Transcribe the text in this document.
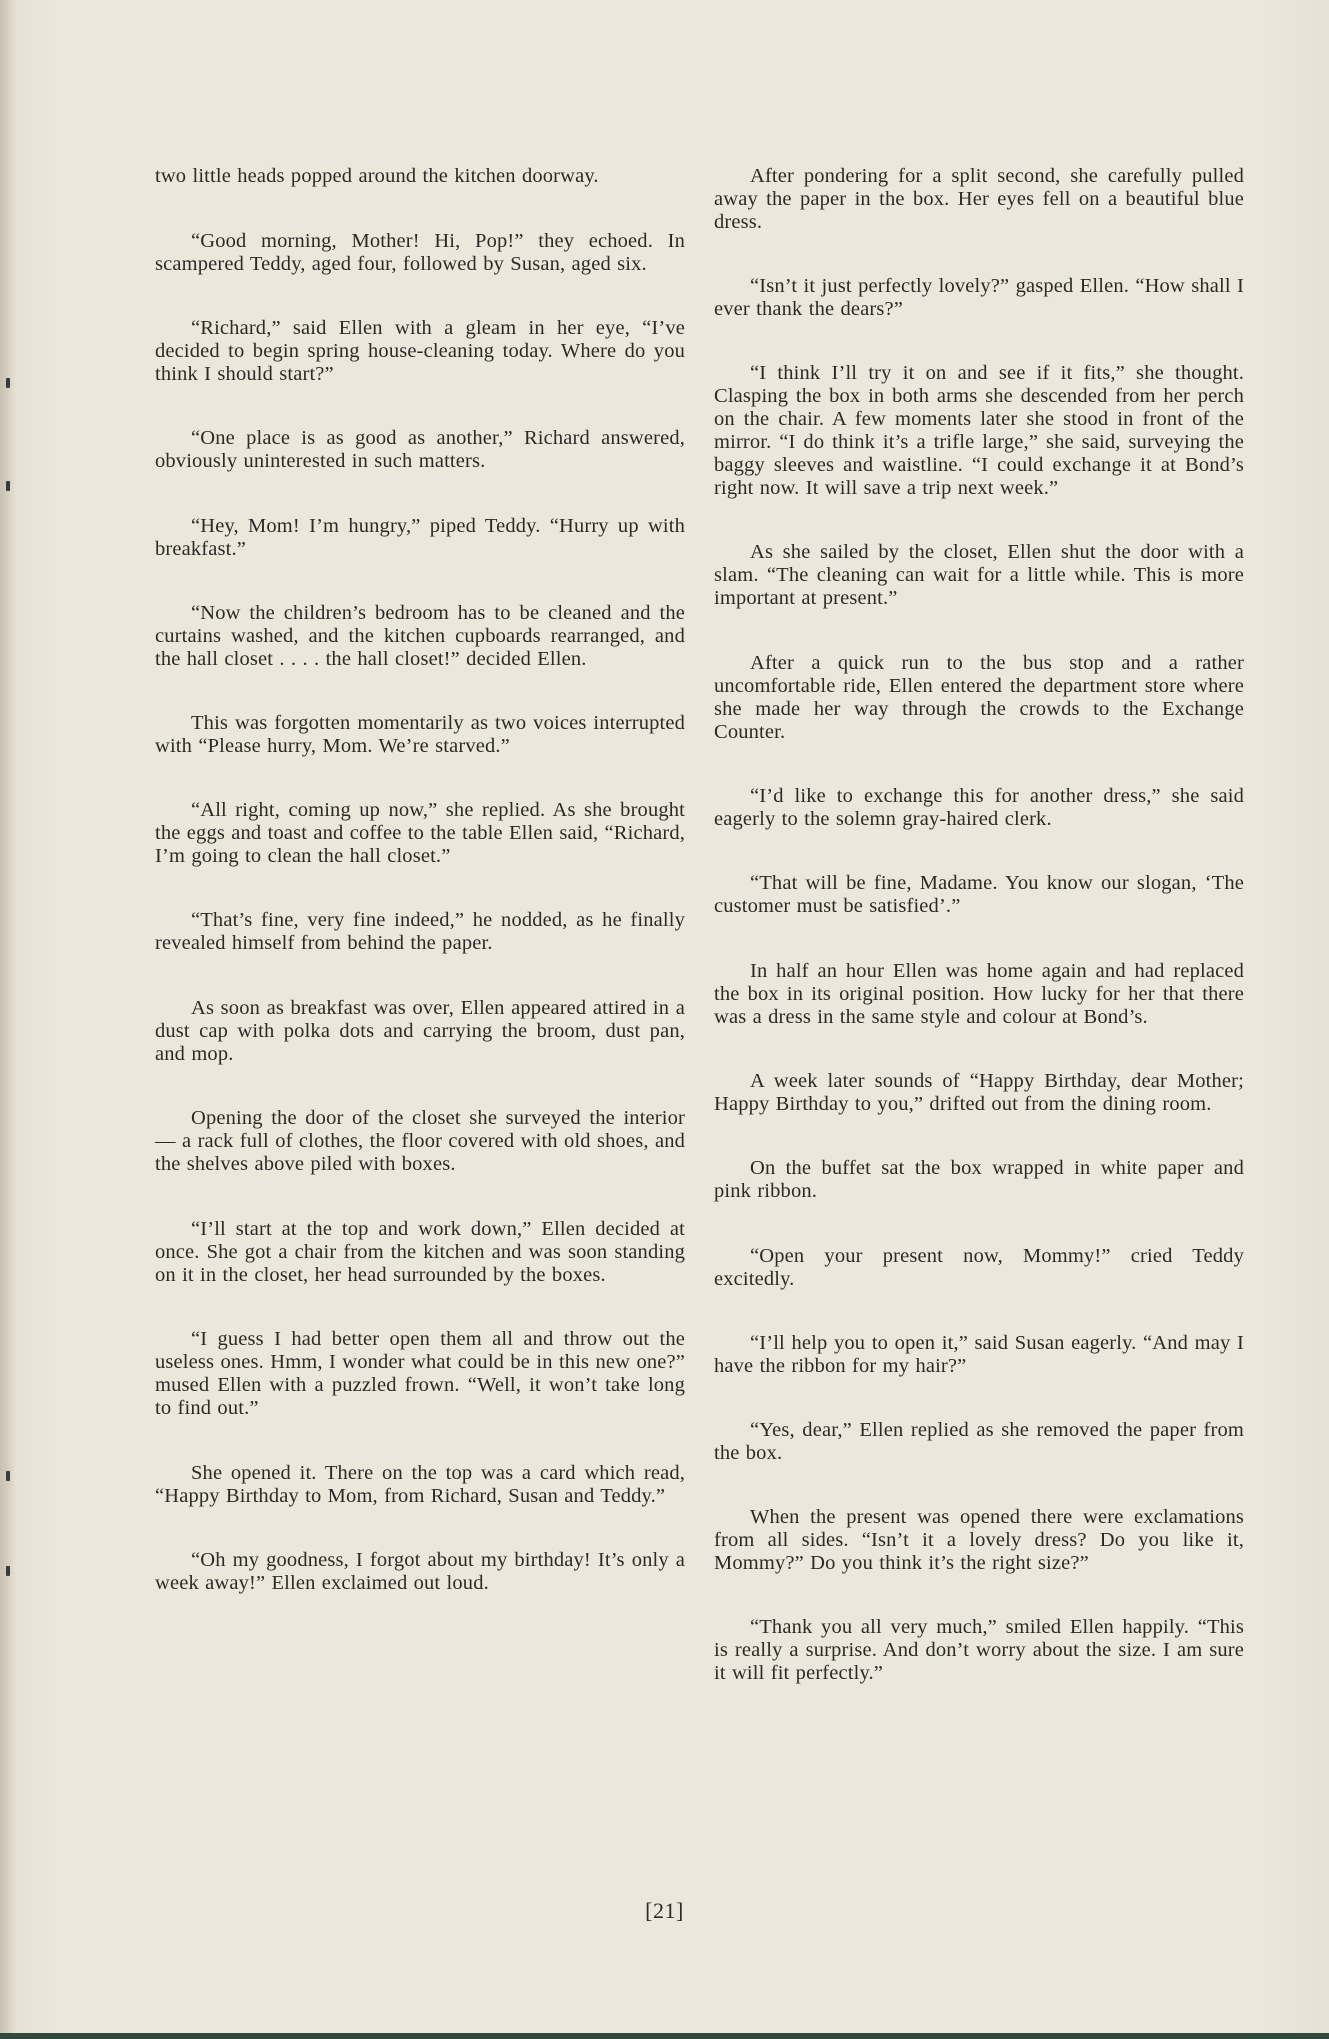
two little heads popped around the kitchen doorway.

“Good morning, Mother! Hi, Pop!” they echoed. In scampered Teddy, aged four, followed by Susan, aged six.

“Richard,” said Ellen with a gleam in her eye, “I’ve decided to begin spring house-cleaning today. Where do you think I should start?”

“One place is as good as another,” Richard answered, obviously uninterested in such matters.

“Hey, Mom! I’m hungry,” piped Teddy. “Hurry up with breakfast.”

“Now the children’s bedroom has to be cleaned and the curtains washed, and the kitchen cupboards rearranged, and the hall closet . . . . the hall closet!” decided Ellen.

This was forgotten momentarily as two voices interrupted with “Please hurry, Mom. We’re starved.”

“All right, coming up now,” she replied. As she brought the eggs and toast and coffee to the table Ellen said, “Richard, I’m going to clean the hall closet.”

“That’s fine, very fine indeed,” he nodded, as he finally revealed himself from behind the paper.

As soon as breakfast was over, Ellen appeared attired in a dust cap with polka dots and carrying the broom, dust pan, and mop.

Opening the door of the closet she surveyed the interior — a rack full of clothes, the floor covered with old shoes, and the shelves above piled with boxes.

“I’ll start at the top and work down,” Ellen decided at once. She got a chair from the kitchen and was soon standing on it in the closet, her head surrounded by the boxes.

“I guess I had better open them all and throw out the useless ones. Hmm, I wonder what could be in this new one?” mused Ellen with a puzzled frown. “Well, it won’t take long to find out.”

She opened it. There on the top was a card which read, “Happy Birthday to Mom, from Richard, Susan and Teddy.”

“Oh my goodness, I forgot about my birthday! It’s only a week away!” Ellen exclaimed out loud.

After pondering for a split second, she carefully pulled away the paper in the box. Her eyes fell on a beautiful blue dress.

“Isn’t it just perfectly lovely?” gasped Ellen. “How shall I ever thank the dears?”

“I think I’ll try it on and see if it fits,” she thought. Clasping the box in both arms she descended from her perch on the chair. A few moments later she stood in front of the mirror. “I do think it’s a trifle large,” she said, surveying the baggy sleeves and waistline. “I could exchange it at Bond’s right now. It will save a trip next week.”

As she sailed by the closet, Ellen shut the door with a slam. “The cleaning can wait for a little while. This is more important at present.”

After a quick run to the bus stop and a rather uncomfortable ride, Ellen entered the department store where she made her way through the crowds to the Exchange Counter.

“I’d like to exchange this for another dress,” she said eagerly to the solemn gray-haired clerk.

“That will be fine, Madame. You know our slogan, ‘The customer must be satisfied’.”

In half an hour Ellen was home again and had replaced the box in its original position. How lucky for her that there was a dress in the same style and colour at Bond’s.

A week later sounds of “Happy Birthday, dear Mother; Happy Birthday to you,” drifted out from the dining room.

On the buffet sat the box wrapped in white paper and pink ribbon.

“Open your present now, Mommy!” cried Teddy excitedly.

“I’ll help you to open it,” said Susan eagerly. “And may I have the ribbon for my hair?”

“Yes, dear,” Ellen replied as she removed the paper from the box.

When the present was opened there were exclamations from all sides. “Isn’t it a lovely dress? Do you like it, Mommy?” Do you think it’s the right size?”

“Thank you all very much,” smiled Ellen happily. “This is really a surprise. And don’t worry about the size. I am sure it will fit perfectly.”

[21]
